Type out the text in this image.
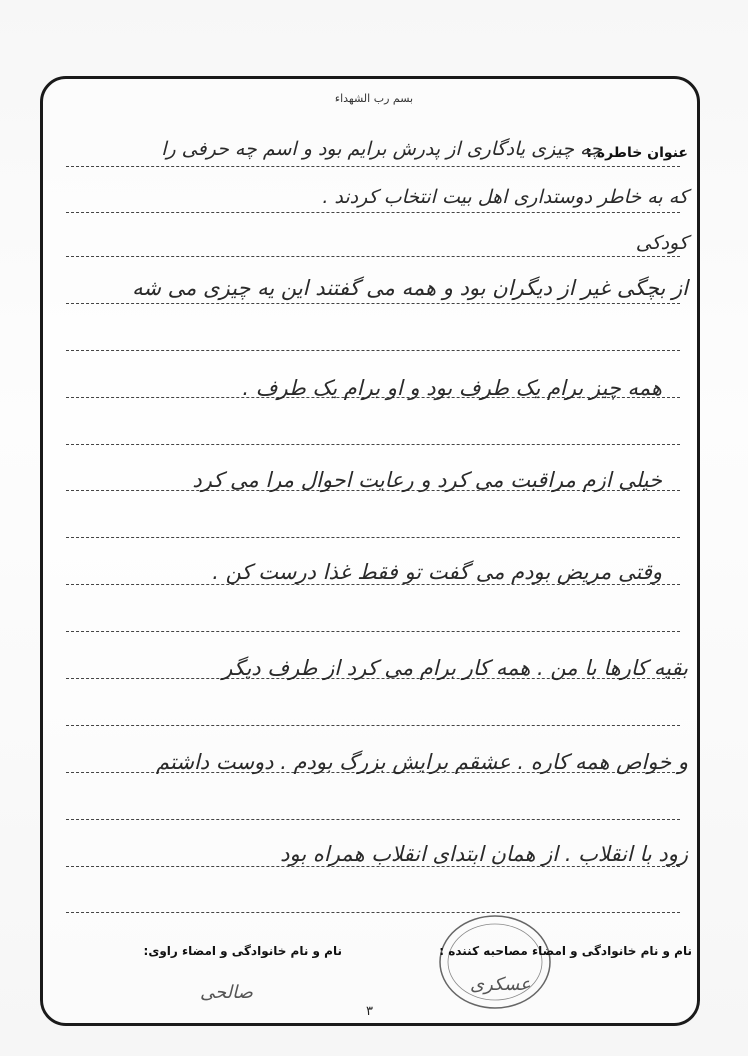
بسم رب الشهداء
عنوان خاطره :
چه چیزی یادگاری از پدرش برایم بود و اسم چه حرفی را
که به خاطر دوستداری اهل بیت انتخاب کردند .
کودکی
از بچگی غیر از دیگران بود و همه می گفتند این یه چیزی می شه
همه چیز برام یک طرف بود و او برام یک طرف .
خیلی ازم مراقبت می کرد و رعایت احوال مرا می کرد
وقتی مریض بودم می گفت تو فقط غذا درست کن .
بقیه کارها با من . همه کار برام می کرد از طرف دیگر
و خواص همه کاره . عشقم برایش بزرگ بودم . دوست داشتم
زود با انقلاب . از همان ابتدای انقلاب همراه بود
نام و نام خانوادگی و امضاء مصاحبه کننده :
نام و نام خانوادگی و امضاء راوی:
عسکری
صالحی
۳
